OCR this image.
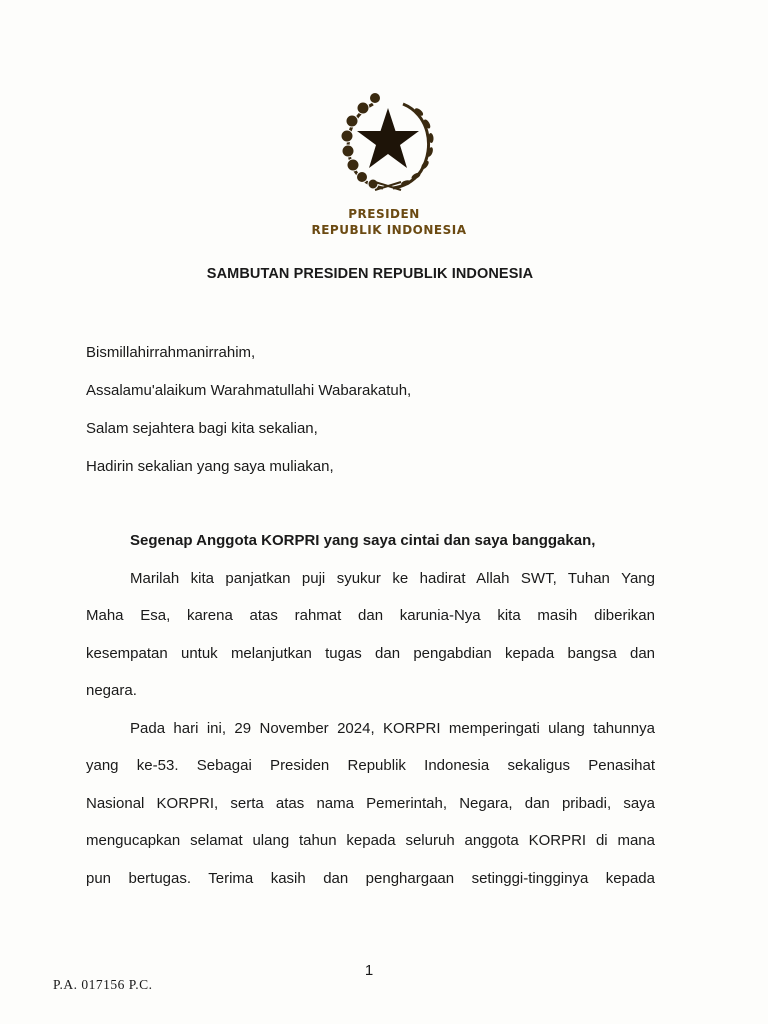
PRESIDEN
REPUBLIK INDONESIA
SAMBUTAN PRESIDEN REPUBLIK INDONESIA
Bismillahirrahmanirrahim,
Assalamu'alaikum Warahmatullahi Wabarakatuh,
Salam sejahtera bagi kita sekalian,
Hadirin sekalian yang saya muliakan,
Segenap Anggota KORPRI yang saya cintai dan saya banggakan,
Marilah kita panjatkan puji syukur ke hadirat Allah SWT, Tuhan Yang
Maha Esa, karena atas rahmat dan karunia-Nya kita masih diberikan
kesempatan untuk melanjutkan tugas dan pengabdian kepada bangsa dan
negara.
Pada hari ini, 29 November 2024, KORPRI memperingati ulang tahunnya
yang ke-53. Sebagai Presiden Republik Indonesia sekaligus Penasihat
Nasional KORPRI, serta atas nama Pemerintah, Negara, dan pribadi, saya
mengucapkan selamat ulang tahun kepada seluruh anggota KORPRI di mana
pun bertugas. Terima kasih dan penghargaan setinggi-tingginya kepada
1
P.A. 017156 P.C.
